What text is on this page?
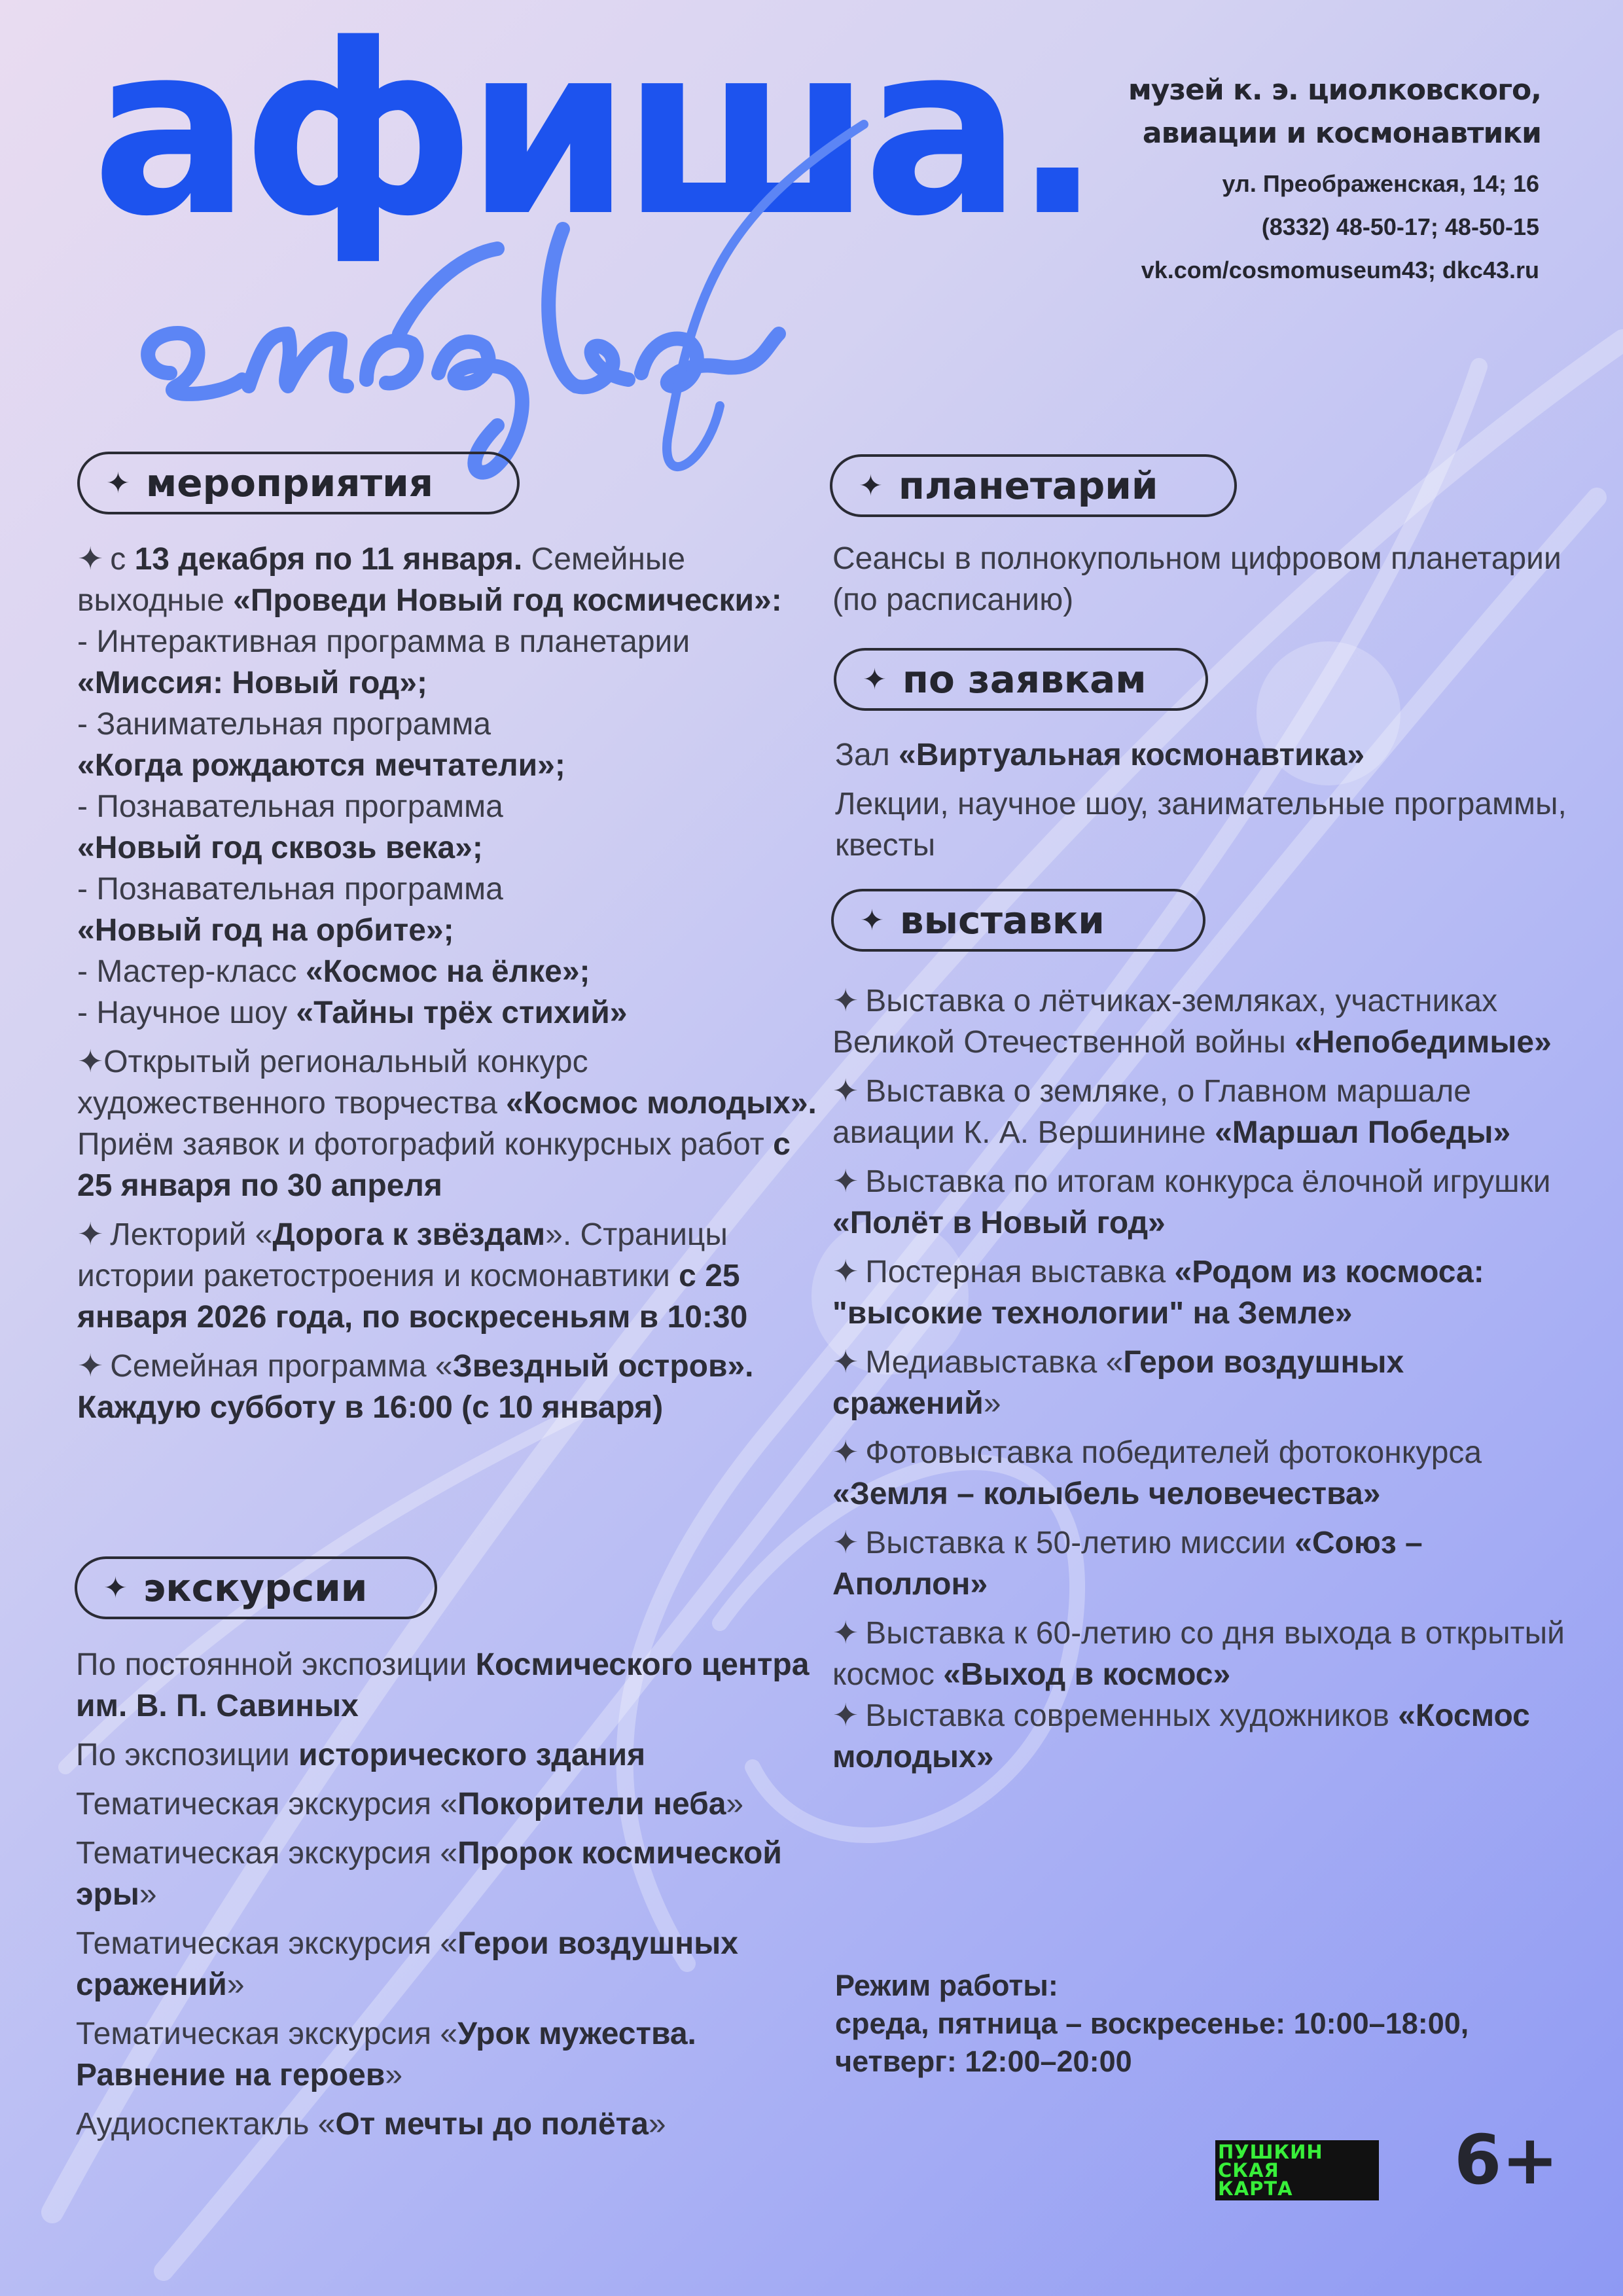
афиша. музей к. э. циолковского,
авиации и космонавтики
ул. Преображенская, 14; 16
(8332) 48-50-17; 48-50-15
vk.com/cosmomuseum43; dkc43.ru
✦ мероприятия
✦ с 13 декабря по 11 января. Семейные выходные «Проведи Новый год космически»:
- Интерактивная программа в планетарии
«Миссия: Новый год»;
- Занимательная программа
«Когда рождаются мечтатели»;
- Познавательная программа
«Новый год сквозь века»;
- Познавательная программа
«Новый год на орбите»;
- Мастер-класс «Космос на ёлке»;
- Научное шоу «Тайны трёх стихий»
✦Открытый региональный конкурс художественного творчества «Космос молодых». Приём заявок и фотографий конкурсных работ с 25 января по 30 апреля
✦ Лекторий «Дорога к звёздам». Страницы истории ракетостроения и космонавтики с 25 января 2026 года, по воскресеньям в 10:30
✦ Семейная программа «Звездный остров». Каждую субботу в 16:00 (с 10 января)
✦ экскурсии
По постоянной экспозиции Космического центра им. В. П. Савиных
По экспозиции исторического здания
Тематическая экскурсия «Покорители неба»
Тематическая экскурсия «Пророк космической эры»
Тематическая экскурсия «Герои воздушных сражений»
Тематическая экскурсия «Урок мужества. Равнение на героев»
Аудиоспектакль «От мечты до полёта»
✦ планетарий
Сеансы в полнокупольном цифровом планетарии (по расписанию)
✦ по заявкам
Зал «Виртуальная космонавтика»
Лекции, научное шоу, занимательные программы, квесты
✦ выставки
✦ Выставка о лётчиках-земляках, участниках Великой Отечественной войны «Непобедимые»
✦ Выставка о земляке, о Главном маршале авиации К. А. Вершинине «Маршал Победы»
✦ Выставка по итогам конкурса ёлочной игрушки «Полёт в Новый год»
✦ Постерная выставка «Родом из космоса: "высокие технологии" на Земле»
✦ Медиавыставка «Герои воздушных сражений»
✦ Фотовыставка победителей фотоконкурса «Земля – колыбель человечества»
✦ Выставка к 50-летию миссии «Союз – Аполлон»
✦ Выставка к 60-летию со дня выхода в открытый космос «Выход в космос»
✦ Выставка современных художников «Космос молодых»
Режим работы:
среда, пятница – воскресенье: 10:00–18:00,
четверг: 12:00–20:00
ПУШКИН
СКАЯ
КАРТА	6+
